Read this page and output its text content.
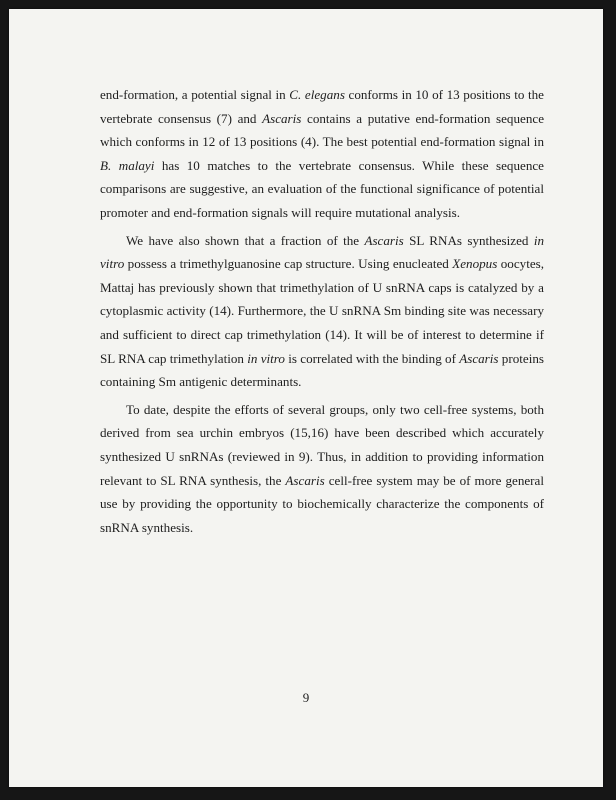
end-formation, a potential signal in C. elegans conforms in 10 of 13 positions to the vertebrate consensus (7) and Ascaris contains a putative end-formation sequence which conforms in 12 of 13 positions (4). The best potential end-formation signal in B. malayi has 10 matches to the vertebrate consensus. While these sequence comparisons are suggestive, an evaluation of the functional significance of potential promoter and end-formation signals will require mutational analysis.

We have also shown that a fraction of the Ascaris SL RNAs synthesized in vitro possess a trimethylguanosine cap structure. Using enucleated Xenopus oocytes, Mattaj has previously shown that trimethylation of U snRNA caps is catalyzed by a cytoplasmic activity (14). Furthermore, the U snRNA Sm binding site was necessary and sufficient to direct cap trimethylation (14). It will be of interest to determine if SL RNA cap trimethylation in vitro is correlated with the binding of Ascaris proteins containing Sm antigenic determinants.

To date, despite the efforts of several groups, only two cell-free systems, both derived from sea urchin embryos (15,16) have been described which accurately synthesized U snRNAs (reviewed in 9). Thus, in addition to providing information relevant to SL RNA synthesis, the Ascaris cell-free system may be of more general use by providing the opportunity to biochemically characterize the components of snRNA synthesis.

9
